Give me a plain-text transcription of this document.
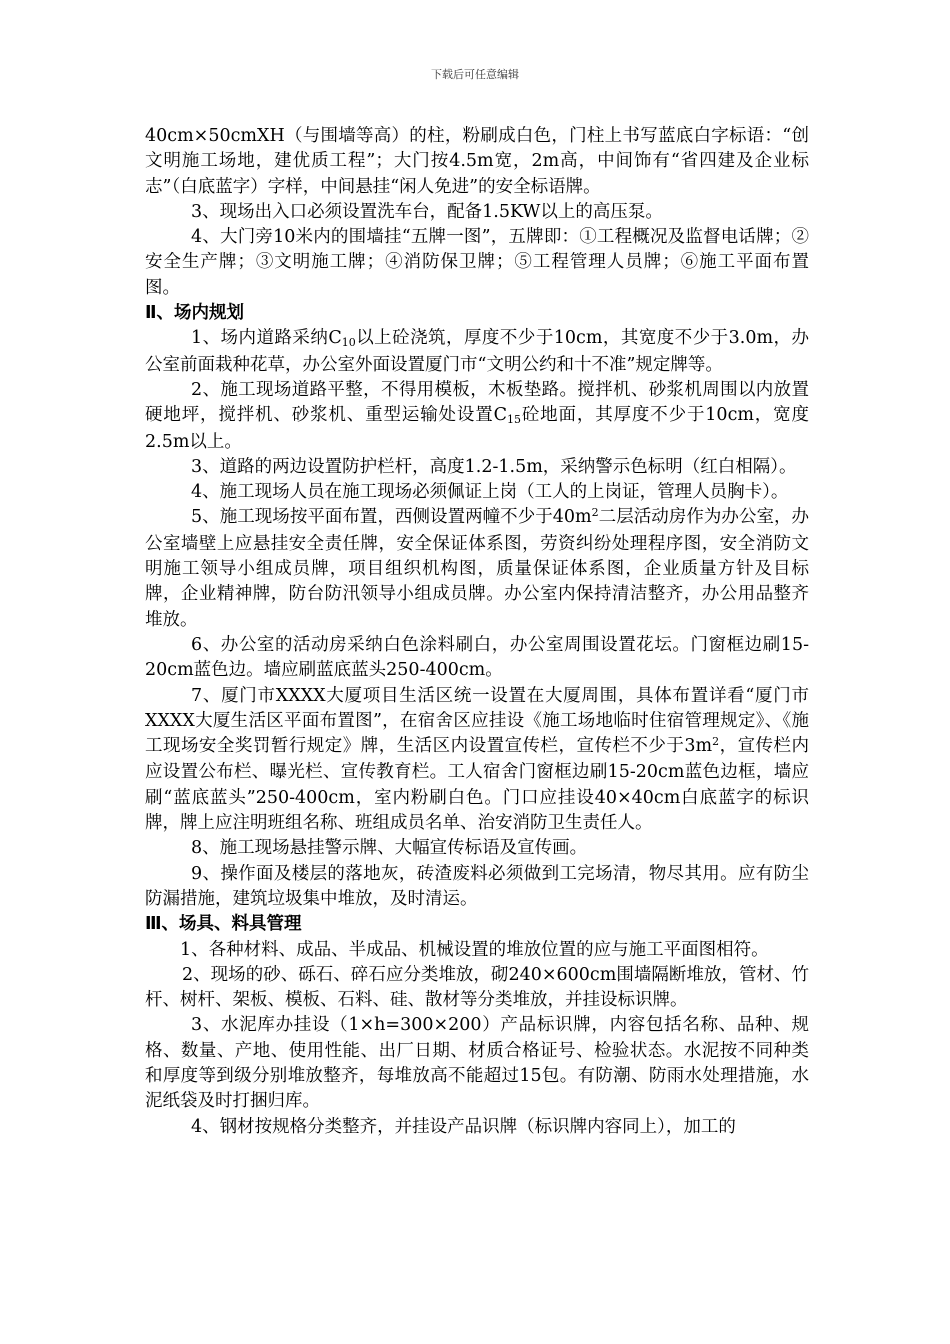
下载后可任意编辑

40cm×50cmXH（与围墙等高）的柱，粉刷成白色，门柱上书写蓝底白字标语：“创文明施工场地，建优质工程”；大门按4.5m宽，2m高，中间饰有“省四建及企业标志”（白底蓝字）字样，中间悬挂“闲人免进”的安全标语牌。

3、现场出入口必须设置洗车台，配备1.5KW以上的高压泵。

4、大门旁10米内的围墙挂“五牌一图”，五牌即：①工程概况及监督电话牌；②安全生产牌；③文明施工牌；④消防保卫牌；⑤工程管理人员牌；⑥施工平面布置图。

Ⅱ、场内规划

1、场内道路采纳$C_{10}$以上砼浇筑，厚度不少于10cm，其宽度不少于3.0m，办公室前面栽种花草，办公室外面设置厦门市“文明公约和十不准”规定牌等。

2、施工现场道路平整，不得用模板，木板垫路。搅拌机、砂浆机周围以内放置硬地坪，搅拌机、砂浆机、重型运输处设置$C_{15}$砼地面，其厚度不少于10cm，宽度2.5m以上。

3、道路的两边设置防护栏杆，高度1.2-1.5m，采纳警示色标明（红白相隔）。

4、施工现场人员在施工现场必须佩证上岗（工人的上岗证，管理人员胸卡）。

5、施工现场按平面布置，西侧设置两幢不少于$40m^2$二层活动房作为办公室，办公室墙壁上应悬挂安全责任牌，安全保证体系图，劳资纠纷处理程序图，安全消防文明施工领导小组成员牌，项目组织机构图，质量保证体系图，企业质量方针及目标牌，企业精神牌，防台防汛领导小组成员牌。办公室内保持清洁整齐，办公用品整齐堆放。

6、办公室的活动房采纳白色涂料刷白，办公室周围设置花坛。门窗框边刷15-20cm蓝色边。墙应刷蓝底蓝头250-400cm。

7、厦门市XXXX大厦项目生活区统一设置在大厦周围，具体布置详看“厦门市XXXX大厦生活区平面布置图”，在宿舍区应挂设《施工场地临时住宿管理规定》、《施工现场安全奖罚暂行规定》牌，生活区内设置宣传栏，宣传栏不少于$3m^2$，宣传栏内应设置公布栏、曝光栏、宣传教育栏。工人宿舍门窗框边刷15-20cm蓝色边框，墙应刷“蓝底蓝头”250-400cm，室内粉刷白色。门口应挂设40×40cm白底蓝字的标识牌，牌上应注明班组名称、班组成员名单、治安消防卫生责任人。

8、施工现场悬挂警示牌、大幅宣传标语及宣传画。

9、操作面及楼层的落地灰，砖渣废料必须做到工完场清，物尽其用。应有防尘防漏措施，建筑垃圾集中堆放，及时清运。

Ⅲ、场具、料具管理

1、各种材料、成品、半成品、机械设置的堆放位置的应与施工平面图相符。

2、现场的砂、砾石、碎石应分类堆放，砌240×600cm围墙隔断堆放，管材、竹杆、树杆、架板、模板、石料、硅、散材等分类堆放，并挂设标识牌。

3、水泥库办挂设（1×h=300×200）产品标识牌，内容包括名称、品种、规格、数量、产地、使用性能、出厂日期、材质合格证号、检验状态。水泥按不同种类和厚度等到级分别堆放整齐，每堆放高不能超过15包。有防潮、防雨水处理措施，水泥纸袋及时打捆归库。

4、钢材按规格分类整齐，并挂设产品识牌（标识牌内容同上），加工的
